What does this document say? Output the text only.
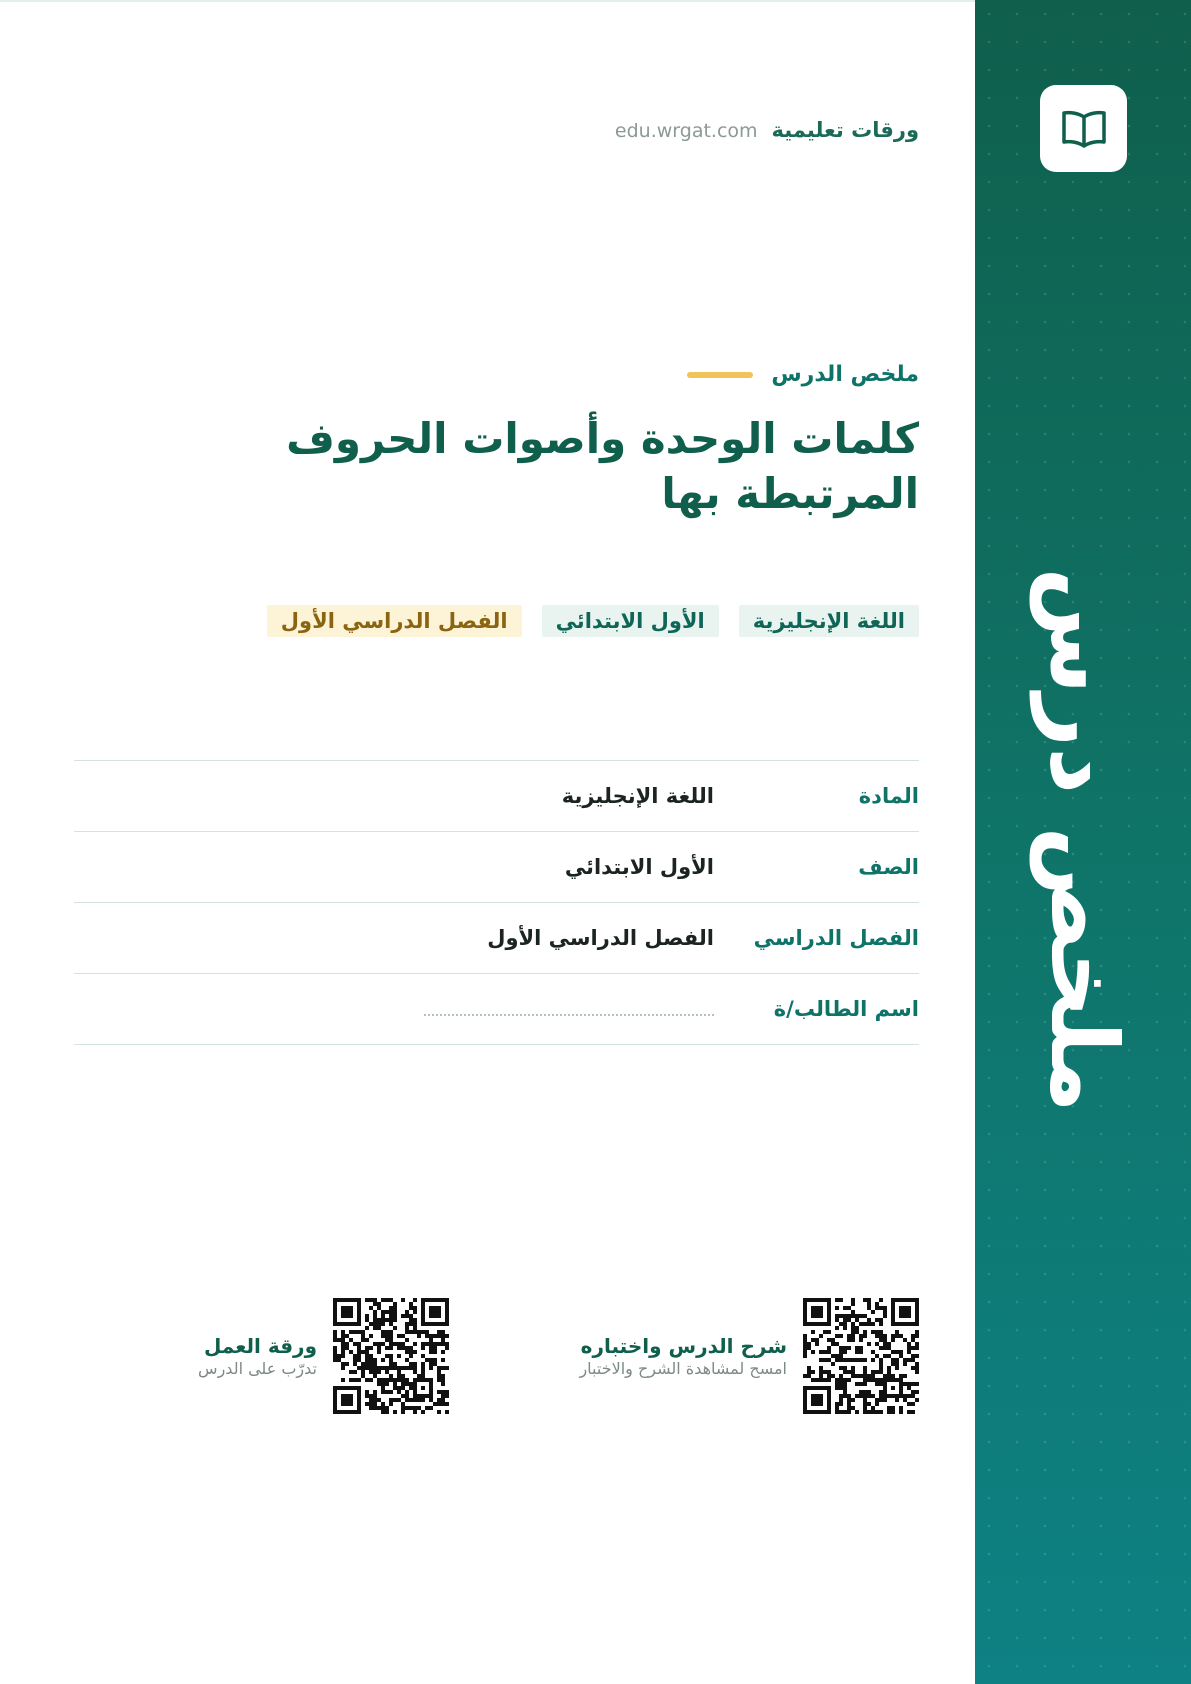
ملخص درس
ورقات تعليمية
edu.wrgat.com
ملخص الدرس
كلمات الوحدة وأصوات الحروف المرتبطة بها
اللغة الإنجليزية
الأول الابتدائي
الفصل الدراسي الأول
المادة
اللغة الإنجليزية
الصف
الأول الابتدائي
الفصل الدراسي
الفصل الدراسي الأول
اسم الطالب/ة
شرح الدرس واختباره
امسح لمشاهدة الشرح والاختبار
ورقة العمل
تدرّب على الدرس
